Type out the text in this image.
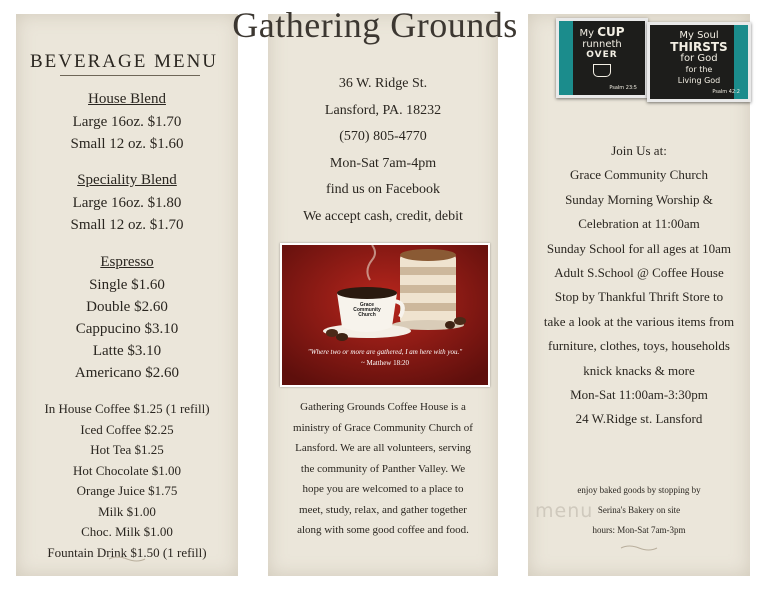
Gathering Grounds	My CUP
runneth
OVER
Psalm 23:5
My Soul
THIRSTS
for God
for the
Living God
Psalm 42:2
BEVERAGE MENU
House Blend
Large 16oz. $1.70
Small 12 oz. $1.60
Speciality Blend
Large 16oz. $1.80
Small 12 oz. $1.70
Espresso
Single $1.60
Double $2.60
Cappucino $3.10
Latte $3.10
Americano $2.60
In House Coffee $1.25 (1 refill)
Iced Coffee $2.25
Hot Tea $1.25
Hot Chocolate $1.00
Orange Juice $1.75
Milk $1.00
Choc. Milk $1.00
Fountain Drink $1.50 (1 refill)
36 W. Ridge St.
Lansford, PA. 18232
(570) 805-4770
Mon-Sat 7am-4pm
find us on Facebook
We accept cash, credit, debit
Grace
Community
Church
"Where two or more are gathered, I am here with you."
~ Matthew 18:20
Gathering Grounds Coffee House is a
ministry of Grace Community Church of
Lansford. We are all volunteers, serving
the community of Panther Valley. We
hope you are welcomed to a place to
meet, study, relax, and gather together
along with some good coffee and food.
Join Us at:
Grace Community Church
Sunday Morning Worship &
Celebration at 11:00am
Sunday School for all ages at 10am
Adult S.School @ Coffee House
Stop by Thankful Thrift Store to
take a look at the various items from
furniture, clothes, toys, households
knick knacks & more
Mon-Sat 11:00am-3:30pm
24 W.Ridge st. Lansford
menu
enjoy baked goods by stopping by
Serina's Bakery on site
hours: Mon-Sat 7am-3pm
